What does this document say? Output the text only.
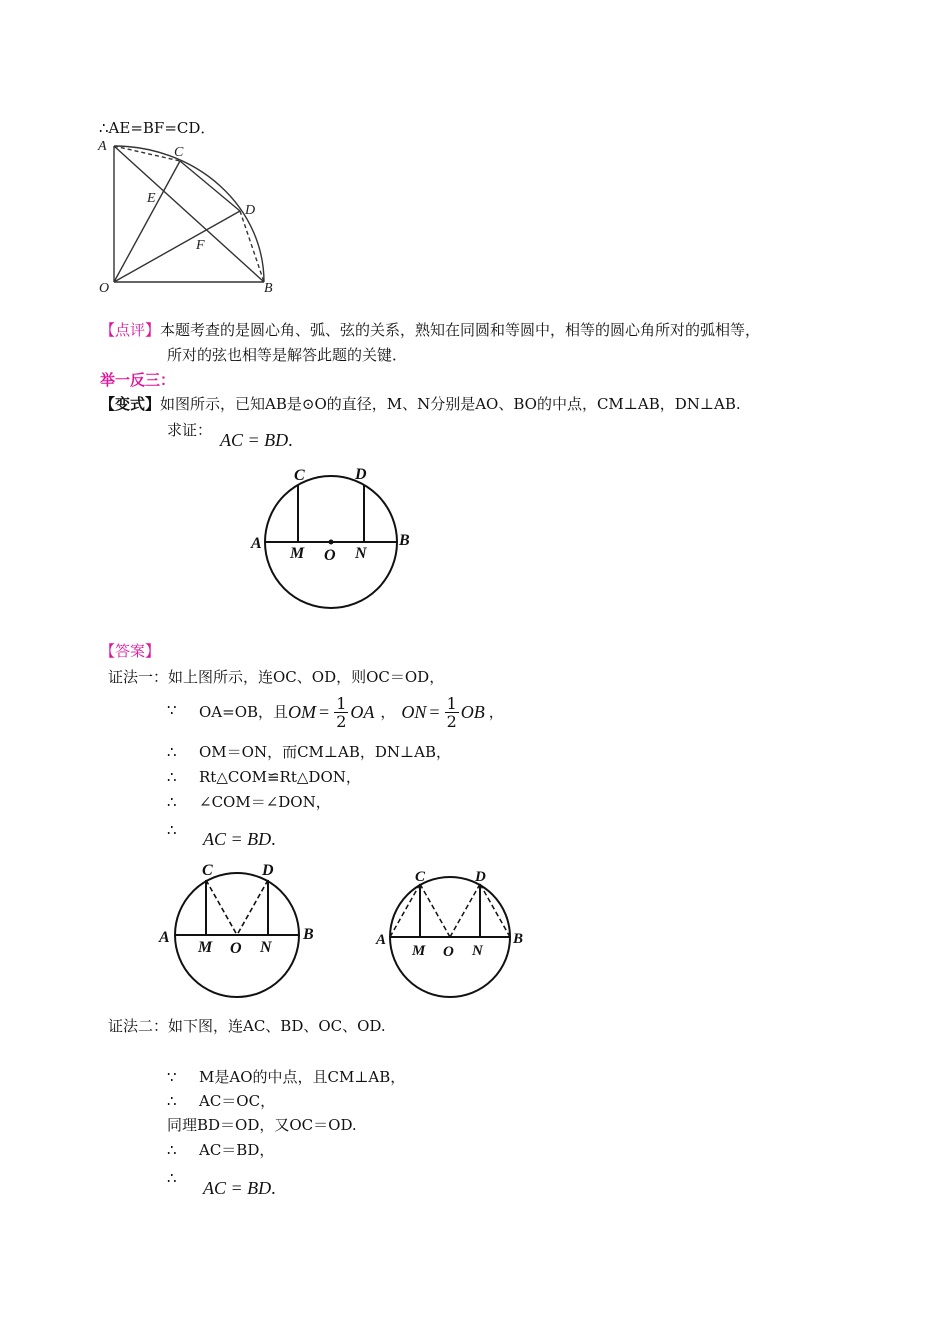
∴AE=BF=CD．
A	C
E
D
F
O	B
【点评】本题考查的是圆心角、弧、弦的关系，熟知在同圆和等圆中，相等的圆心角所对的弧相等，
所对的弦也相等是解答此题的关键．
举一反三：
【变式】如图所示，已知AB是⊙O的直径，M、N分别是AO、BO的中点，CM⊥AB，DN⊥AB.
求证： AC = BD.
A	B
C	D
M O N
【答案】
证法一：如上图所示，连OC、OD，则OC＝OD，
∵ OA=OB，且 OM = $\frac{1}{2}$ OA ， ON = $\frac{1}{2}$ OB ，
∴ OM＝ON，而CM⊥AB，DN⊥AB，
∴ Rt△COM≌Rt△DON，
∴ ∠COM＝∠DON，
∴ AC = BD.
A	B
C	D
M O N	A	B
C	D
M O N
证法二：如下图，连AC、BD、OC、OD.
∵ M是AO的中点，且CM⊥AB，
∴ AC＝OC，
同理BD＝OD，又OC＝OD.
∴ AC＝BD，
∴ AC = BD.
